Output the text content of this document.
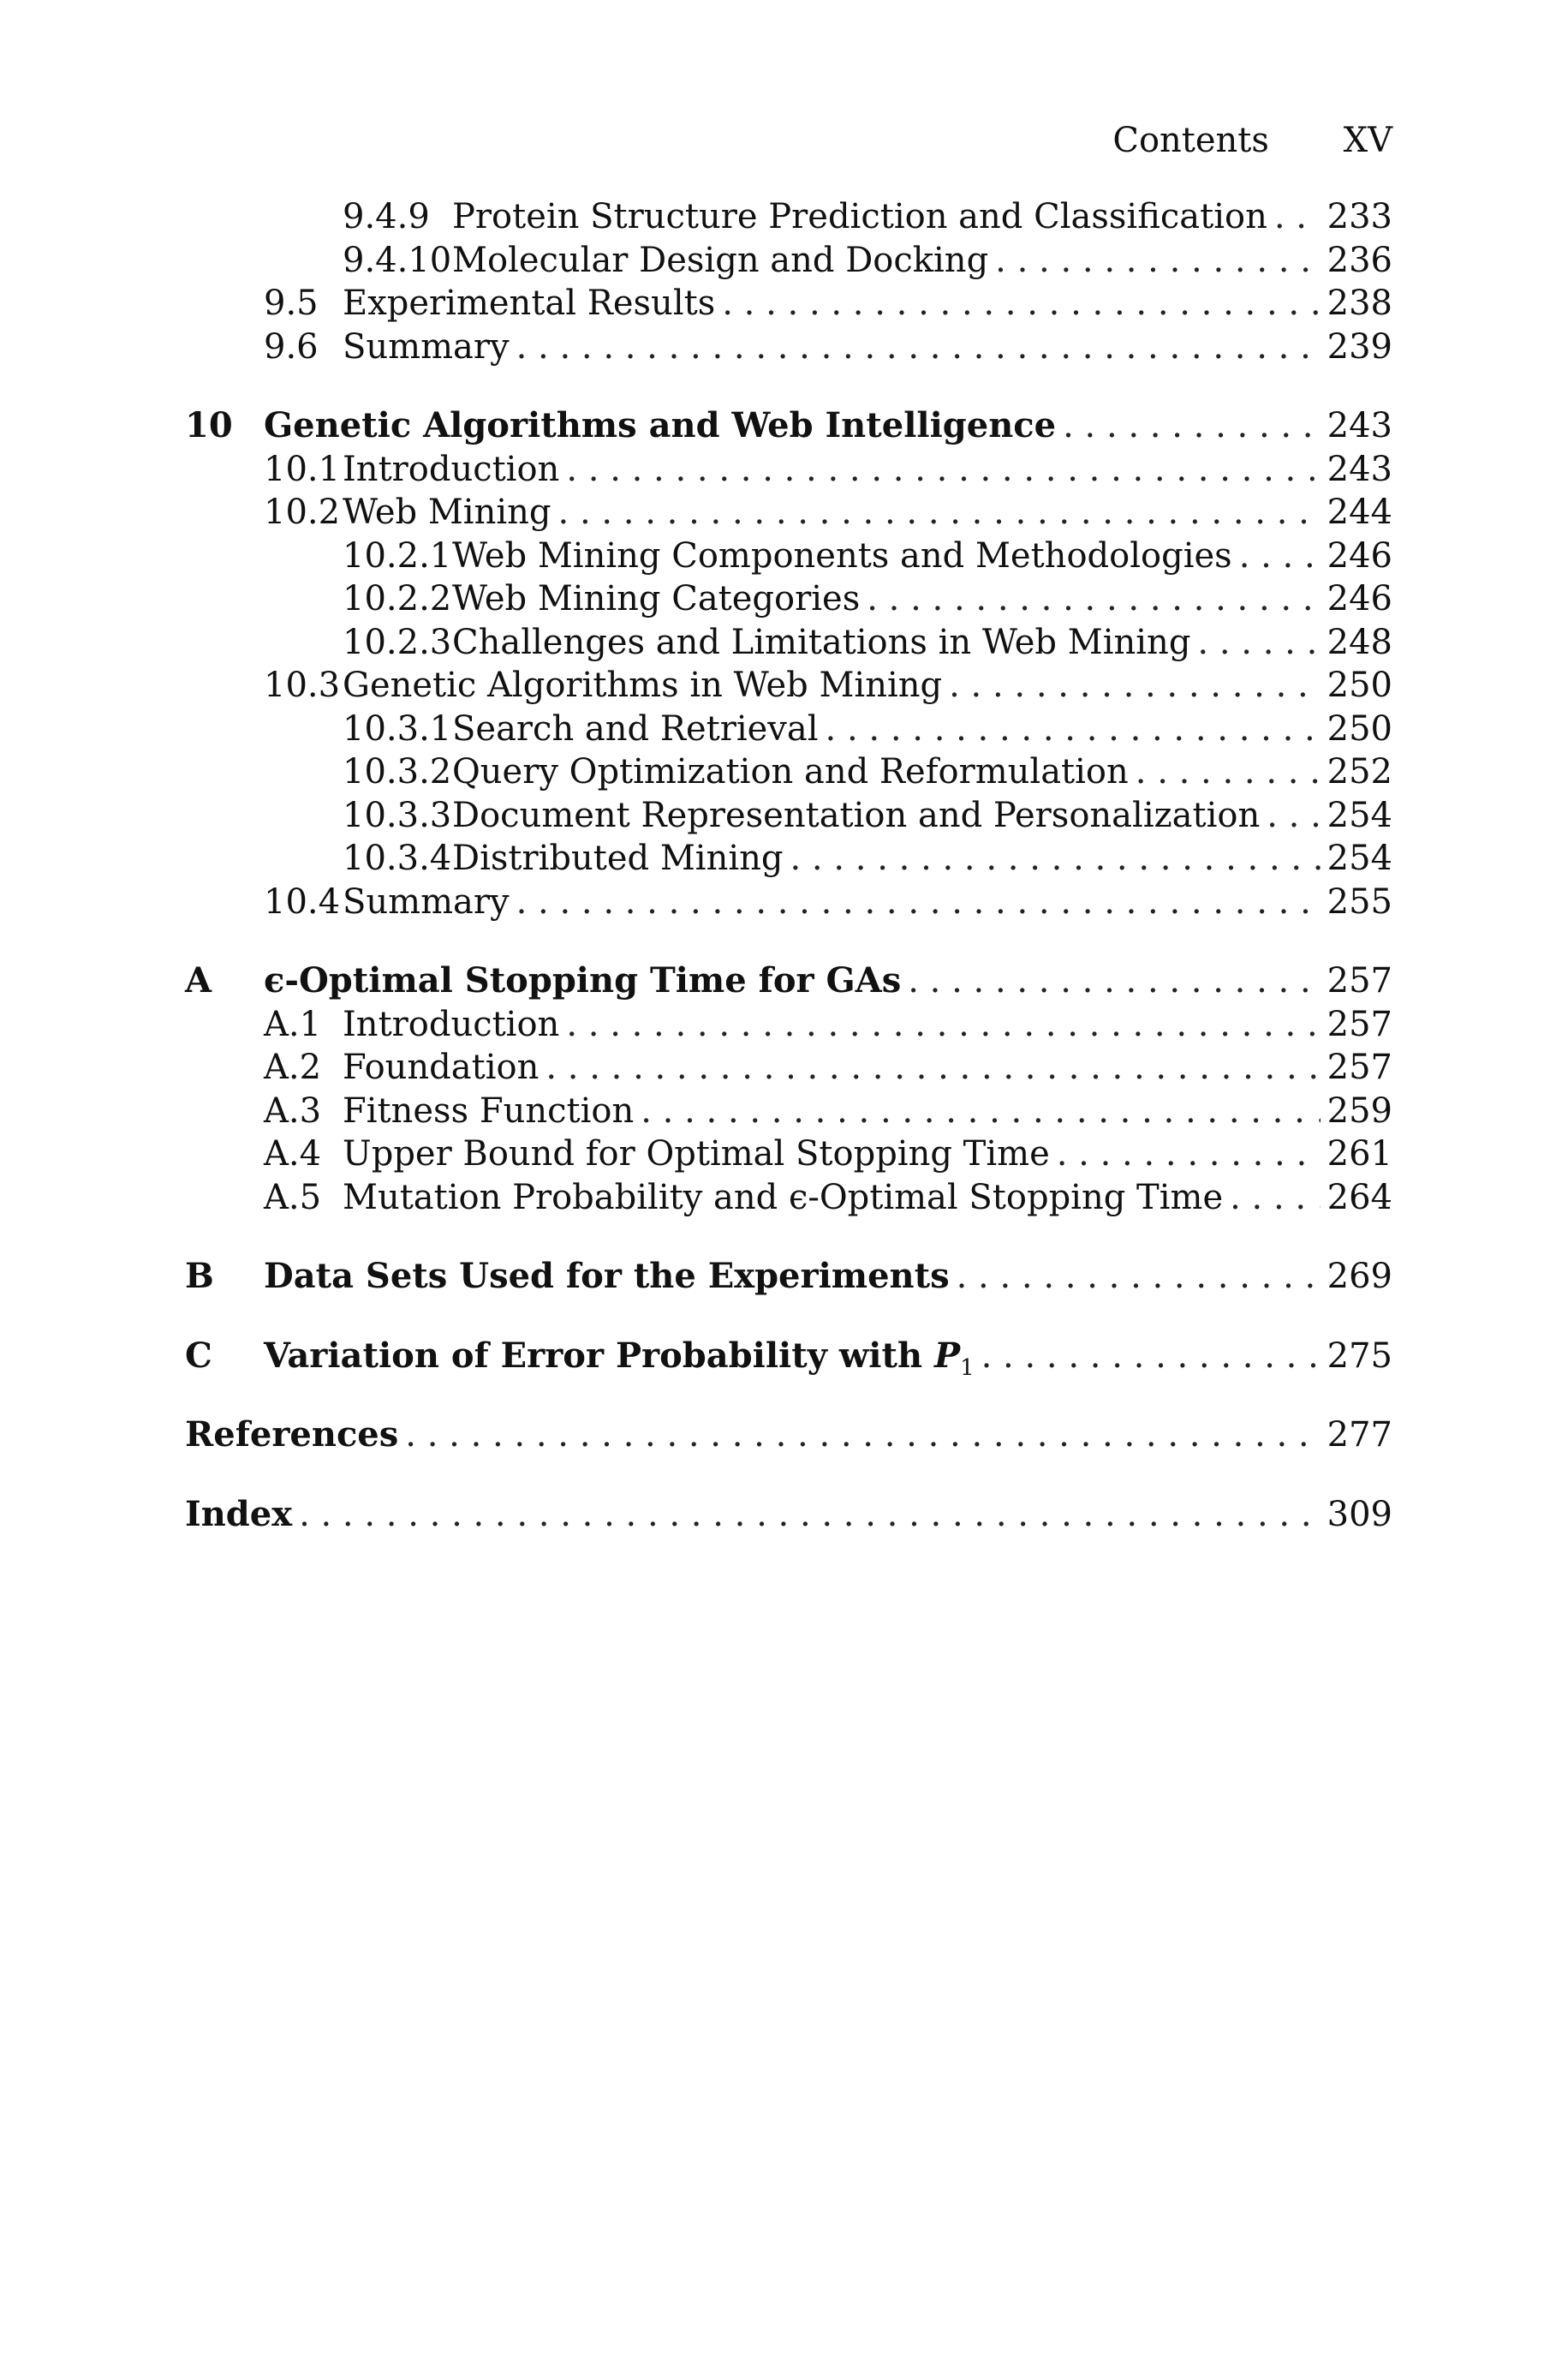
Contents XV
9.4.9 Protein Structure Prediction and Classification . . . 233
9.4.10 Molecular Design and Docking . . .	236
9.5 Experimental Results . . .	238
9.6 Summary . . .	239
10 Genetic Algorithms and Web Intelligence . . .	243
10.1 Introduction . . .	243
10.2 Web Mining . . .	244
10.2.1 Web Mining Components and Methodologies . . .	246
10.2.2 Web Mining Categories . . .	246
10.2.3 Challenges and Limitations in Web Mining . . .	248
10.3 Genetic Algorithms in Web Mining . . .	250
10.3.1 Search and Retrieval . . .	250
10.3.2 Query Optimization and Reformulation . . .	252
10.3.3 Document Representation and Personalization . . . 254
10.3.4 Distributed Mining . . .	254
10.4 Summary . . .	255
A	ϵ-Optimal Stopping Time for GAs . . .	257
A.1 Introduction . . .	257
A.2 Foundation . . .	257
A.3 Fitness Function . . .	259
A.4 Upper Bound for Optimal Stopping Time . . .	261
A.5 Mutation Probability and ϵ-Optimal Stopping Time . . .	264
B	Data Sets Used for the Experiments . . .	269
C	Variation of Error Probability with $P_1$ . . .	275
References . . .	277
Index . . .	309
